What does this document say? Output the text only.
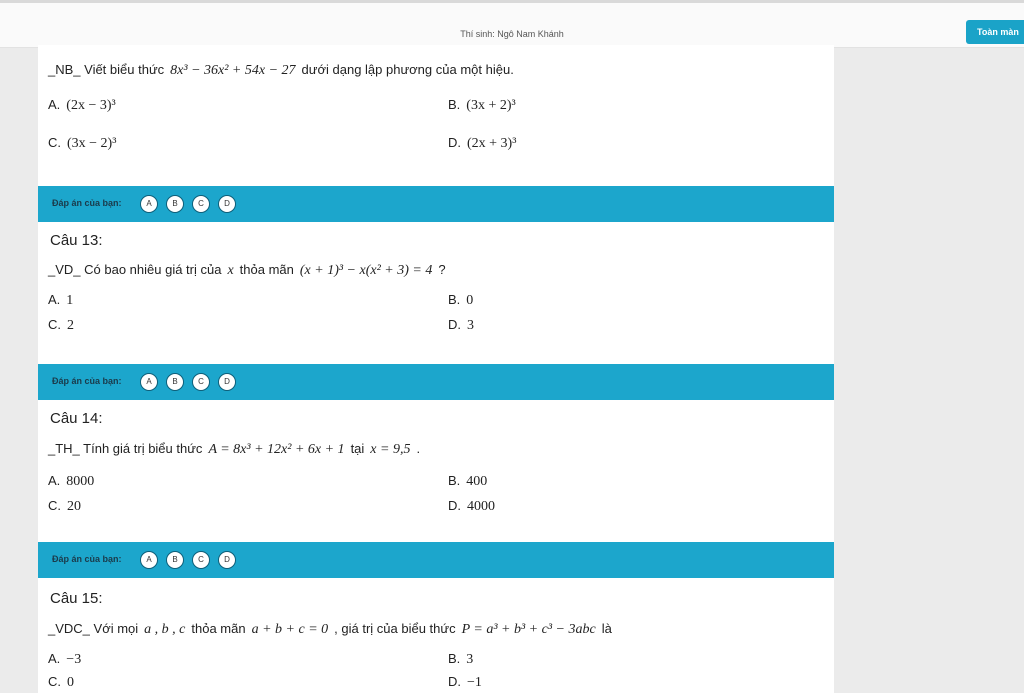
Thí sinh: Ngô Nam Khánh	Toàn màn
_NB_ Viết biểu thức 8x³ − 36x² + 54x − 27 dưới dạng lập phương của một hiệu.
A. (2x − 3)³	B. (3x + 2)³
C. (3x − 2)³	D. (2x + 3)³
Đáp án của bạn:	A	B	C	D
Câu 13:
_VD_ Có bao nhiêu giá trị của x thỏa mãn (x + 1)³ − x(x² + 3) = 4 ?
A. 1	B. 0
C. 2	D. 3
Đáp án của bạn:	A	B	C	D
Câu 14:
_TH_ Tính giá trị biểu thức A = 8x³ + 12x² + 6x + 1 tại x = 9,5 .
A. 8000	B. 400
C. 20	D. 4000
Đáp án của bạn:	A	B	C	D
Câu 15:
_VDC_ Với mọi a , b , c thỏa mãn a + b + c = 0 , giá trị của biểu thức P = a³ + b³ + c³ − 3abc là
A. −3	B. 3
C. 0	D. −1
